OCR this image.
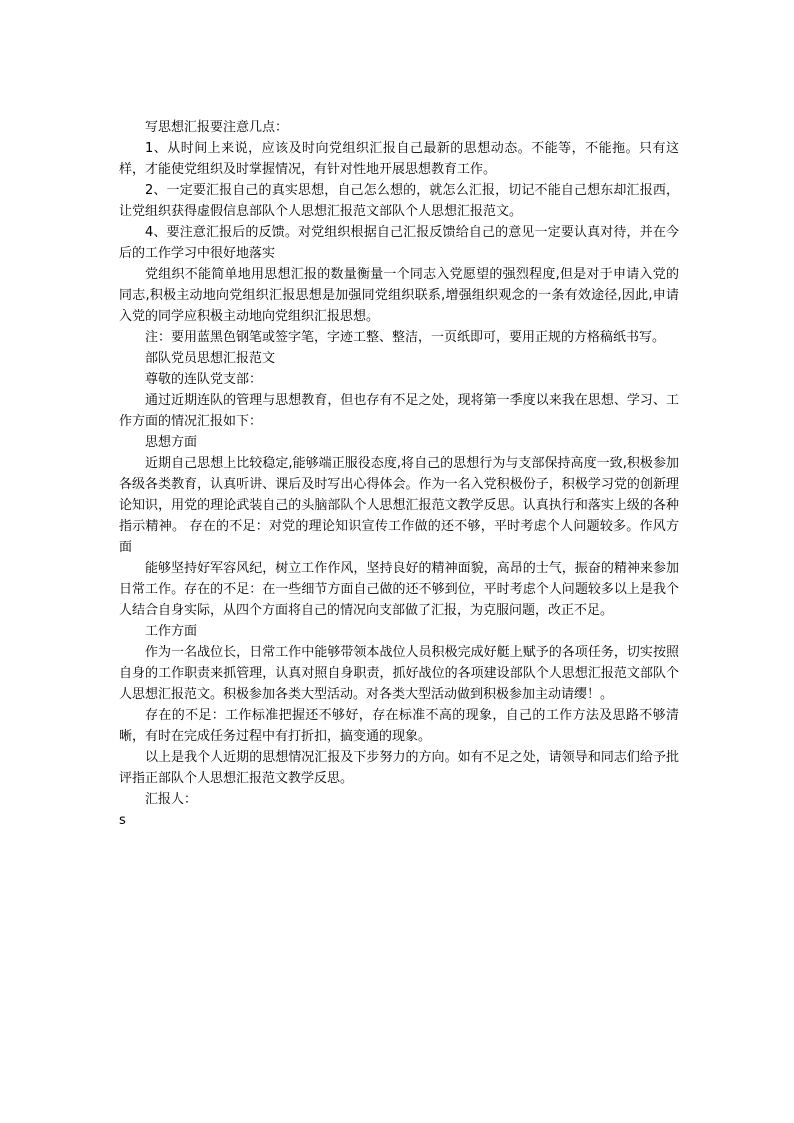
写思想汇报要注意几点：

1、从时间上来说，应该及时向党组织汇报自己最新的思想动态。不能等，不能拖。只有这样，才能使党组织及时掌握情况，有针对性地开展思想教育工作。

2、一定要汇报自己的真实思想，自己怎么想的，就怎么汇报，切记不能自己想东却汇报西，让党组织获得虚假信息部队个人思想汇报范文部队个人思想汇报范文。

4、要注意汇报后的反馈。对党组织根据自己汇报反馈给自己的意见一定要认真对待，并在今后的工作学习中很好地落实

党组织不能简单地用思想汇报的数量衡量一个同志入党愿望的强烈程度,但是对于申请入党的同志,积极主动地向党组织汇报思想是加强同党组织联系,增强组织观念的一条有效途径,因此,申请入党的同学应积极主动地向党组织汇报思想。

注：要用蓝黑色钢笔或签字笔，字迹工整、整洁，一页纸即可，要用正规的方格稿纸书写。

部队党员思想汇报范文

尊敬的连队党支部：

通过近期连队的管理与思想教育，但也存有不足之处，现将第一季度以来我在思想、学习、工作方面的情况汇报如下：

思想方面

近期自己思想上比较稳定,能够端正服役态度,将自己的思想行为与支部保持高度一致,积极参加各级各类教育，认真听讲、课后及时写出心得体会。作为一名入党积极份子，积极学习党的创新理论知识，用党的理论武装自己的头脑部队个人思想汇报范文教学反思。认真执行和落实上级的各种指示精神。 存在的不足：对党的理论知识宣传工作做的还不够，平时考虑个人问题较多。作风方面

能够坚持好军容风纪，树立工作作风，坚持良好的精神面貌，高昂的士气，振奋的精神来参加日常工作。存在的不足：在一些细节方面自己做的还不够到位，平时考虑个人问题较多以上是我个人结合自身实际，从四个方面将自己的情况向支部做了汇报，为克服问题，改正不足。

工作方面

作为一名战位长，日常工作中能够带领本战位人员积极完成好艇上赋予的各项任务，切实按照自身的工作职责来抓管理，认真对照自身职责，抓好战位的各项建设部队个人思想汇报范文部队个人思想汇报范文。积极参加各类大型活动。对各类大型活动做到积极参加主动请缨！。

存在的不足：工作标准把握还不够好，存在标准不高的现象，自己的工作方法及思路不够清晰，有时在完成任务过程中有打折扣，搞变通的现象。

以上是我个人近期的思想情况汇报及下步努力的方向。如有不足之处，请领导和同志们给予批评指正部队个人思想汇报范文教学反思。

汇报人：

s
